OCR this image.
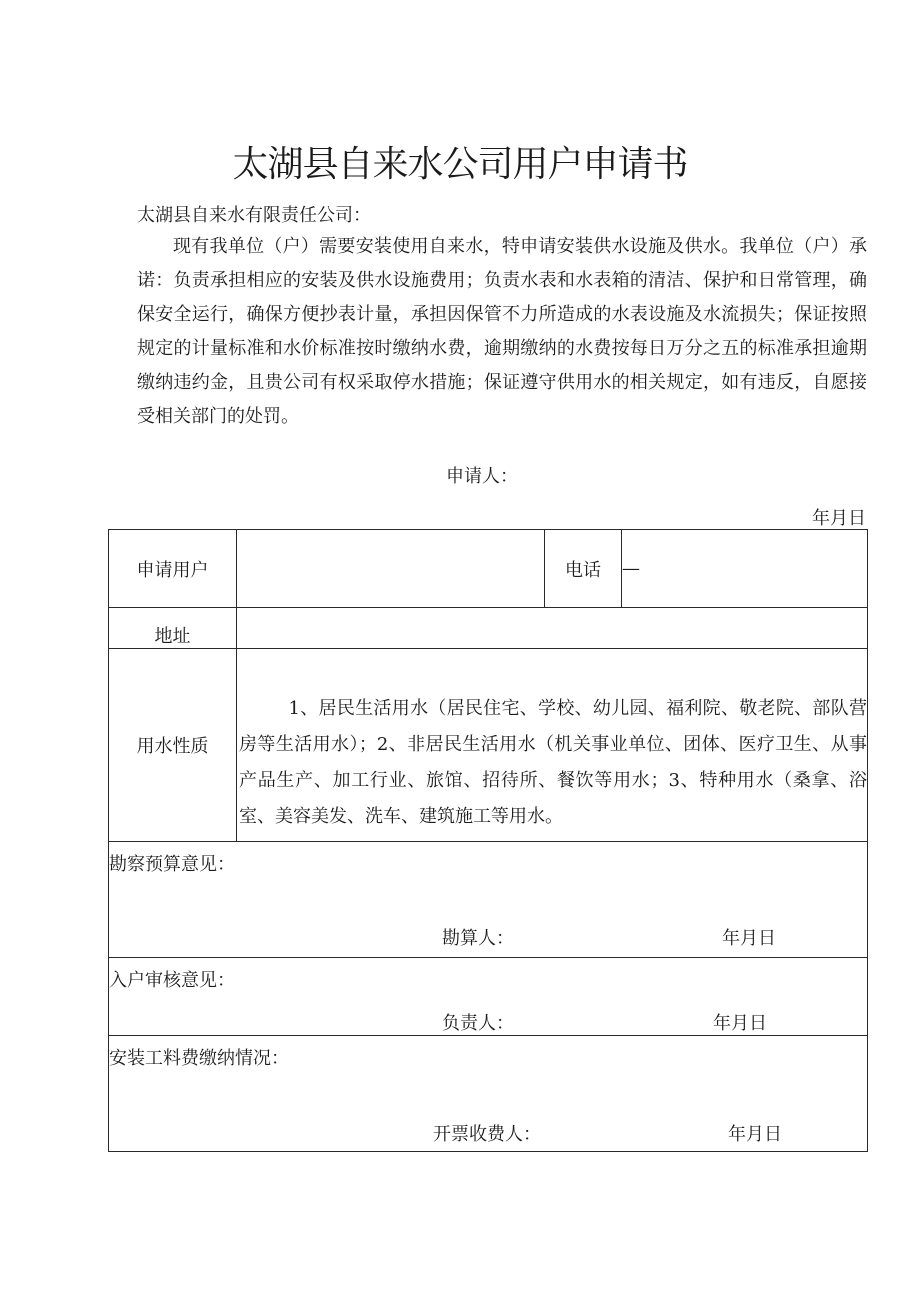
太湖县自来水公司用户申请书
太湖县自来水有限责任公司：

现有我单位（户）需要安装使用自来水，特申请安装供水设施及供水。我单位（户）承诺：负责承担相应的安装及供水设施费用；负责水表和水表箱的清洁、保护和日常管理，确保安全运行，确保方便抄表计量，承担因保管不力所造成的水表设施及水流损失；保证按照规定的计量标准和水价标准按时缴纳水费，逾期缴纳的水费按每日万分之五的标准承担逾期缴纳违约金，且贵公司有权采取停水措施；保证遵守供用水的相关规定，如有违反，自愿接受相关部门的处罚。

申请人：
年月日
申请用户		电话	—

地址			

用水性质	1、居民生活用水（居民住宅、学校、幼儿园、福利院、敬老院、部队营房等生活用水）；2、非居民生活用水（机关事业单位、团体、医疗卫生、从事产品生产、加工行业、旅馆、招待所、餐饮等用水；3、特种用水（桑拿、浴室、美容美发、洗车、建筑施工等用水。		

勘察预算意见：
勘算人： 年月日			

入户审核意见：
负责人： 年月日			

安装工料费缴纳情况：
开票收费人： 年月日			
